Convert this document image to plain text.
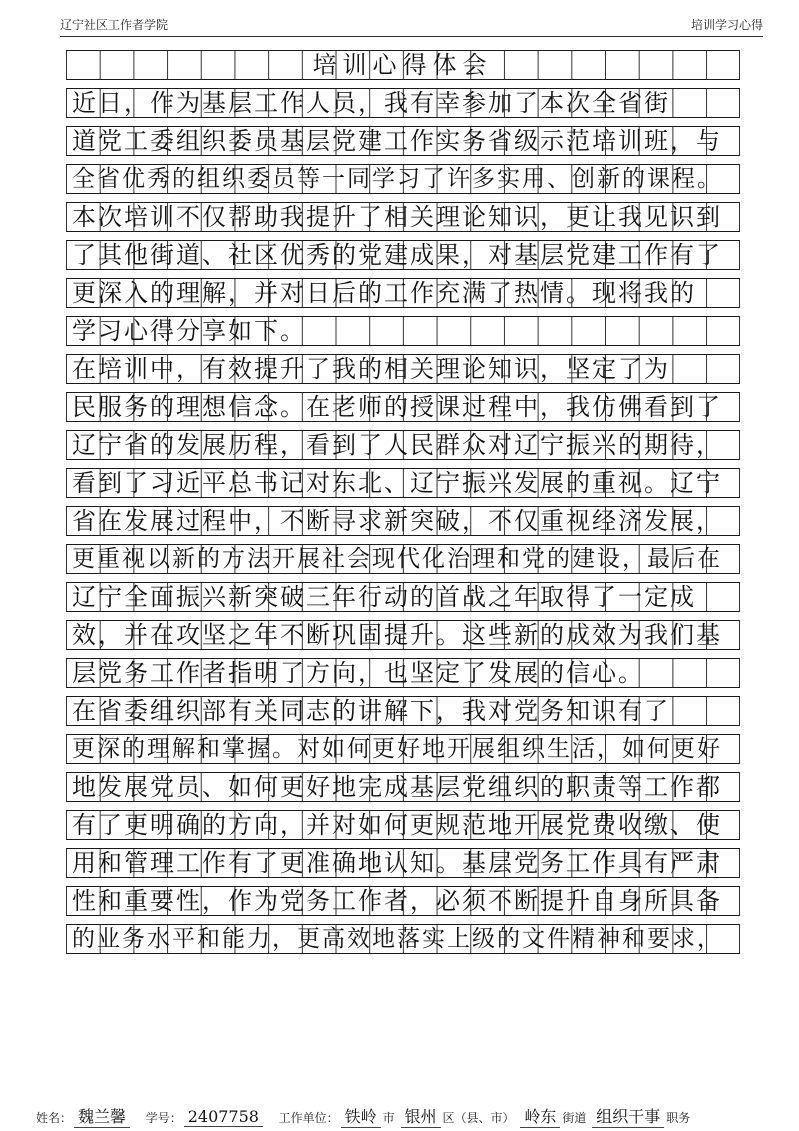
辽宁社区工作者学院	培训学习心得
培训心得体会
近日，作为基层工作人员，我有幸参加了本次全省街
道党工委组织委员基层党建工作实务省级示范培训班，与
全省优秀的组织委员等一同学习了许多实用、创新的课程。
本次培训不仅帮助我提升了相关理论知识，更让我见识到
了其他街道、社区优秀的党建成果，对基层党建工作有了
更深入的理解，并对日后的工作充满了热情。现将我的
学习心得分享如下。
在培训中，有效提升了我的相关理论知识，坚定了为
民服务的理想信念。在老师的授课过程中，我仿佛看到了
辽宁省的发展历程，看到了人民群众对辽宁振兴的期待，
看到了习近平总书记对东北、辽宁振兴发展的重视。辽宁
省在发展过程中，不断寻求新突破，不仅重视经济发展，
更重视以新的方法开展社会现代化治理和党的建设，最后在
辽宁全面振兴新突破三年行动的首战之年取得了一定成
效，并在攻坚之年不断巩固提升。这些新的成效为我们基
层党务工作者指明了方向，也坚定了发展的信心。
在省委组织部有关同志的讲解下，我对党务知识有了
更深的理解和掌握。对如何更好地开展组织生活，如何更好
地发展党员、如何更好地完成基层党组织的职责等工作都
有了更明确的方向，并对如何更规范地开展党费收缴、使
用和管理工作有了更准确地认知。基层党务工作具有严肃
性和重要性，作为党务工作者，必须不断提升自身所具备
的业务水平和能力，更高效地落实上级的文件精神和要求，
姓名： 魏兰馨 学号： 2407758 工作单位： 铁岭 市 银州 区（县、市） 岭东 街道 组织干事 职务
